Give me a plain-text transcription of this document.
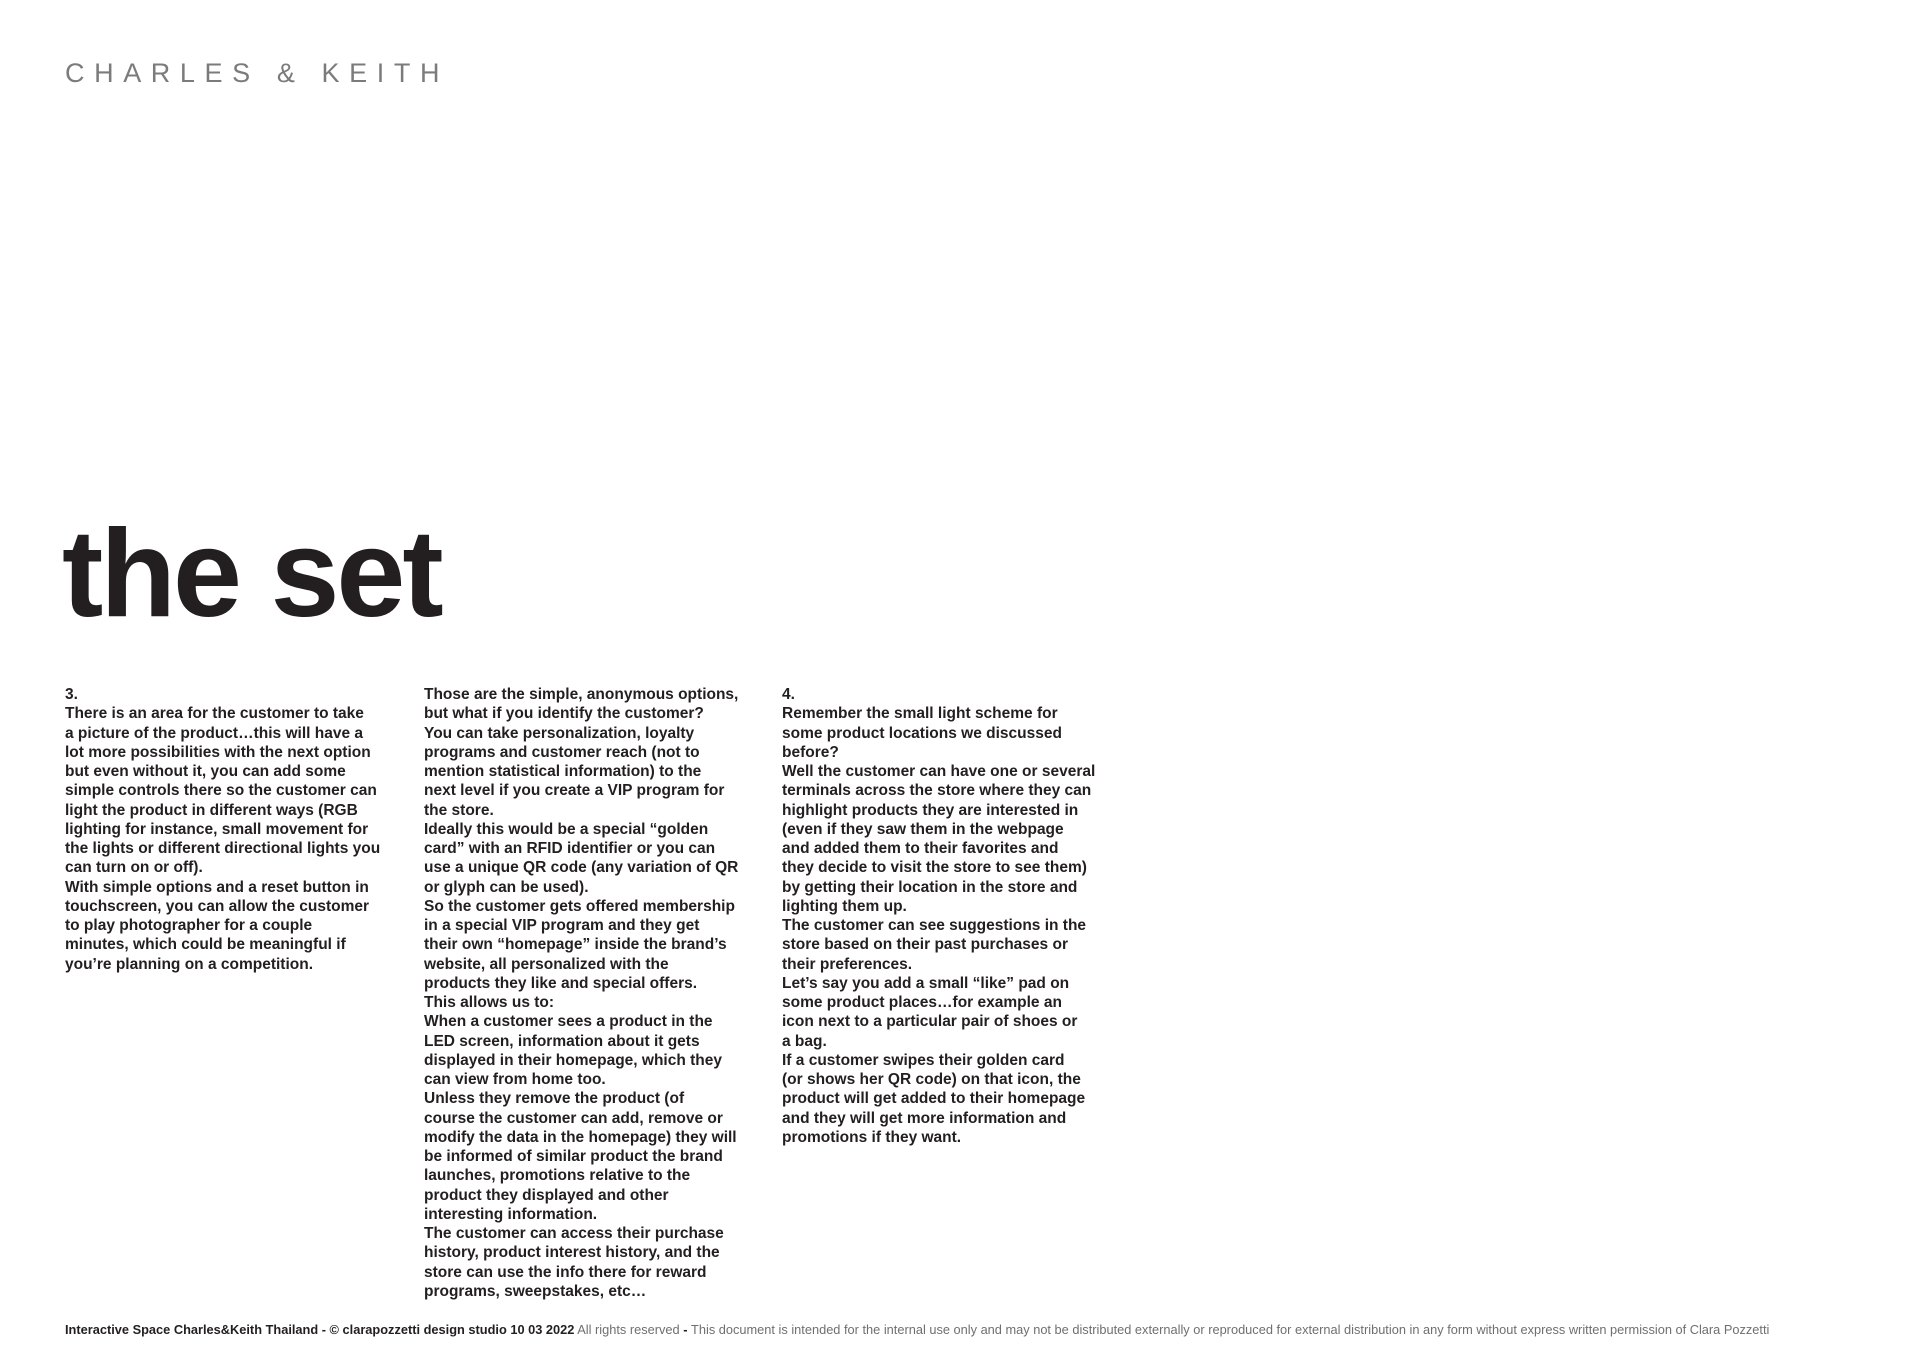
CHARLES & KEITH
the set
3.
There is an area for the customer to take
a picture of the product…this will have a
lot more possibilities with the next option
but even without it, you can add some
simple controls there so the customer can
light the product in different ways (RGB
lighting for instance, small movement for
the lights or different directional lights you
can turn on or off).
With simple options and a reset button in
touchscreen, you can allow the customer
to play photographer for a couple
minutes, which could be meaningful if
you’re planning on a competition.
Those are the simple, anonymous options,
but what if you identify the customer?
You can take personalization, loyalty
programs and customer reach (not to
mention statistical information) to the
next level if you create a VIP program for
the store.
Ideally this would be a special “golden
card” with an RFID identifier or you can
use a unique QR code (any variation of QR
or glyph can be used).
So the customer gets offered membership
in a special VIP program and they get
their own “homepage” inside the brand’s
website, all personalized with the
products they like and special offers.
This allows us to:
When a customer sees a product in the
LED screen, information about it gets
displayed in their homepage, which they
can view from home too.
Unless they remove the product (of
course the customer can add, remove or
modify the data in the homepage) they will
be informed of similar product the brand
launches, promotions relative to the
product they displayed and other
interesting information.
The customer can access their purchase
history, product interest history, and the
store can use the info there for reward
programs, sweepstakes, etc…
4.
Remember the small light scheme for
some product locations we discussed
before?
Well the customer can have one or several
terminals across the store where they can
highlight products they are interested in
(even if they saw them in the webpage
and added them to their favorites and
they decide to visit the store to see them)
by getting their location in the store and
lighting them up.
The customer can see suggestions in the
store based on their past purchases or
their preferences.
Let’s say you add a small “like” pad on
some product places…for example an
icon next to a particular pair of shoes or
a bag.
If a customer swipes their golden card
(or shows her QR code) on that icon, the
product will get added to their homepage
and they will get more information and
promotions if they want.
Interactive Space Charles&Keith Thailand - © clarapozzetti design studio 10 03 2022 All rights reserved - This document is intended for the internal use only and may not be distributed externally or reproduced for external distribution in any form without express written permission of Clara Pozzetti
